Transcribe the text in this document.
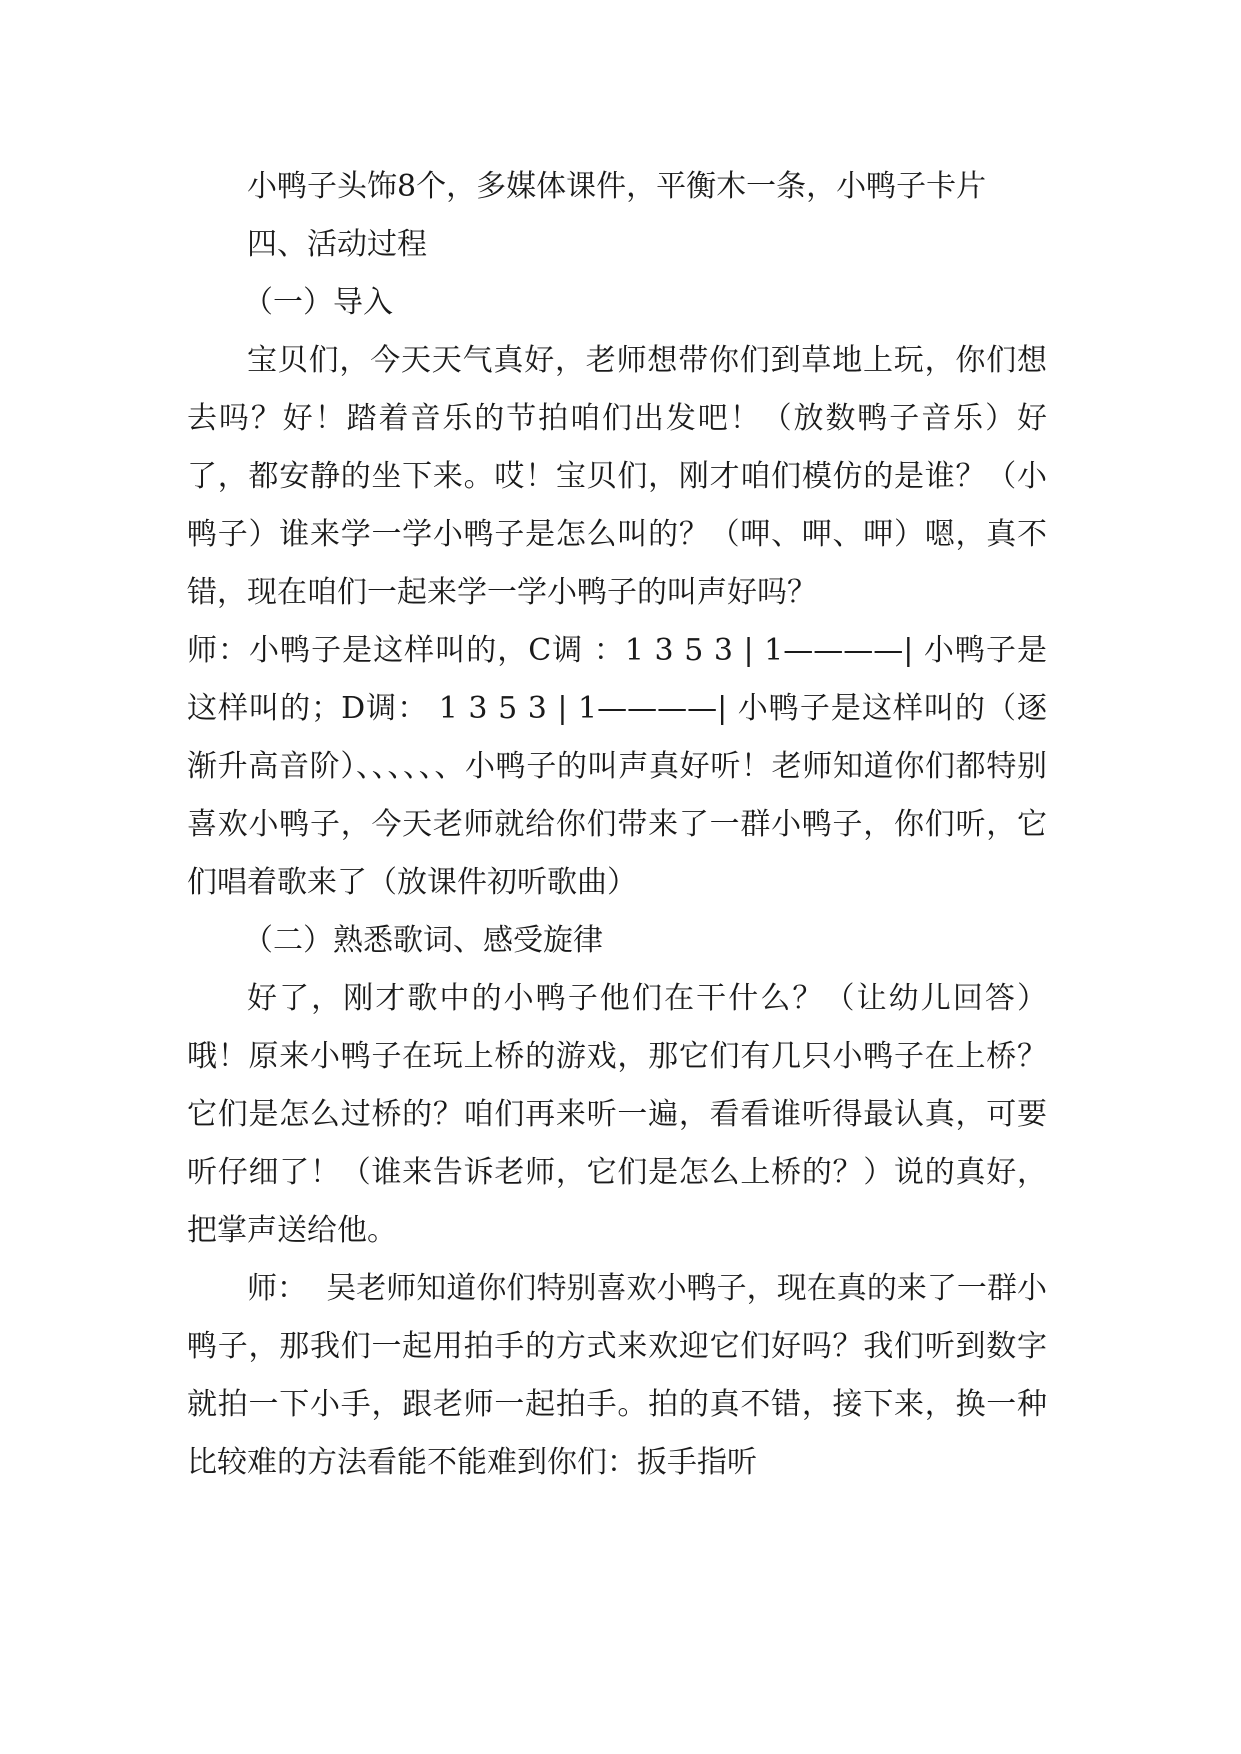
小鸭子头饰8个，多媒体课件，平衡木一条，小鸭子卡片

四、活动过程

（一）导入

宝贝们，今天天气真好，老师想带你们到草地上玩，你们想去吗？好！踏着音乐的节拍咱们出发吧！（放数鸭子音乐）好了，都安静的坐下来。哎！宝贝们，刚才咱们模仿的是谁？（小鸭子）谁来学一学小鸭子是怎么叫的？（呷、呷、呷）嗯，真不错，现在咱们一起来学一学小鸭子的叫声好吗？

师：小鸭子是这样叫的，C调 ：1 3 5 3 | 1————| 小鸭子是这样叫的；D调： 1 3 5 3 | 1————| 小鸭子是这样叫的（逐渐升高音阶）、、、、、、小鸭子的叫声真好听！老师知道你们都特别喜欢小鸭子，今天老师就给你们带来了一群小鸭子，你们听，它们唱着歌来了（放课件初听歌曲）

（二）熟悉歌词、感受旋律

好了，刚才歌中的小鸭子他们在干什么？（让幼儿回答）哦！原来小鸭子在玩上桥的游戏，那它们有几只小鸭子在上桥？它们是怎么过桥的？咱们再来听一遍，看看谁听得最认真，可要听仔细了！（谁来告诉老师，它们是怎么上桥的？）说的真好，把掌声送给他。

师：  吴老师知道你们特别喜欢小鸭子，现在真的来了一群小鸭子，那我们一起用拍手的方式来欢迎它们好吗？我们听到数字就拍一下小手，跟老师一起拍手。拍的真不错，接下来，换一种比较难的方法看能不能难到你们：扳手指听
